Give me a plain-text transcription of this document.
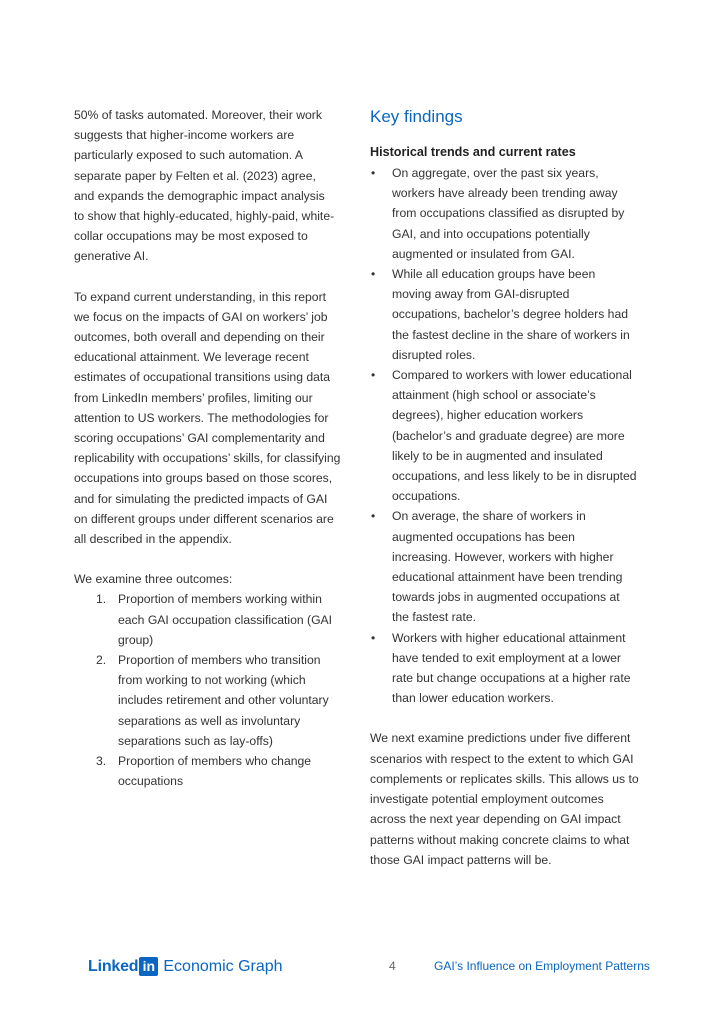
50% of tasks automated. Moreover, their work
suggests that higher-income workers are
particularly exposed to such automation. A
separate paper by Felten et al. (2023) agree,
and expands the demographic impact analysis
to show that highly-educated, highly-paid, white-
collar occupations may be most exposed to
generative AI.

To expand current understanding, in this report
we focus on the impacts of GAI on workers’ job
outcomes, both overall and depending on their
educational attainment. We leverage recent
estimates of occupational transitions using data
from LinkedIn members’ profiles, limiting our
attention to US workers. The methodologies for
scoring occupations’ GAI complementarity and
replicability with occupations’ skills, for classifying
occupations into groups based on those scores,
and for simulating the predicted impacts of GAI
on different groups under different scenarios are
all described in the appendix.

We examine three outcomes:

1. Proportion of members working within
each GAI occupation classification (GAI
group)
2. Proportion of members who transition
from working to not working (which
includes retirement and other voluntary
separations as well as involuntary
separations such as lay-offs)
3. Proportion of members who change
occupations
Key findings
Historical trends and current rates
• On aggregate, over the past six years,
workers have already been trending away
from occupations classified as disrupted by
GAI, and into occupations potentially
augmented or insulated from GAI.
• While all education groups have been
moving away from GAI-disrupted
occupations, bachelor’s degree holders had
the fastest decline in the share of workers in
disrupted roles.
• Compared to workers with lower educational
attainment (high school or associate’s
degrees), higher education workers
(bachelor’s and graduate degree) are more
likely to be in augmented and insulated
occupations, and less likely to be in disrupted
occupations.
• On average, the share of workers in
augmented occupations has been
increasing. However, workers with higher
educational attainment have been trending
towards jobs in augmented occupations at
the fastest rate.
• Workers with higher educational attainment
have tended to exit employment at a lower
rate but change occupations at a higher rate
than lower education workers.

We next examine predictions under five different
scenarios with respect to the extent to which GAI
complements or replicates skills. This allows us to
investigate potential employment outcomes
across the next year depending on GAI impact
patterns without making concrete claims to what
those GAI impact patterns will be.

Linked in Economic Graph	4	GAI’s Influence on Employment Patterns
